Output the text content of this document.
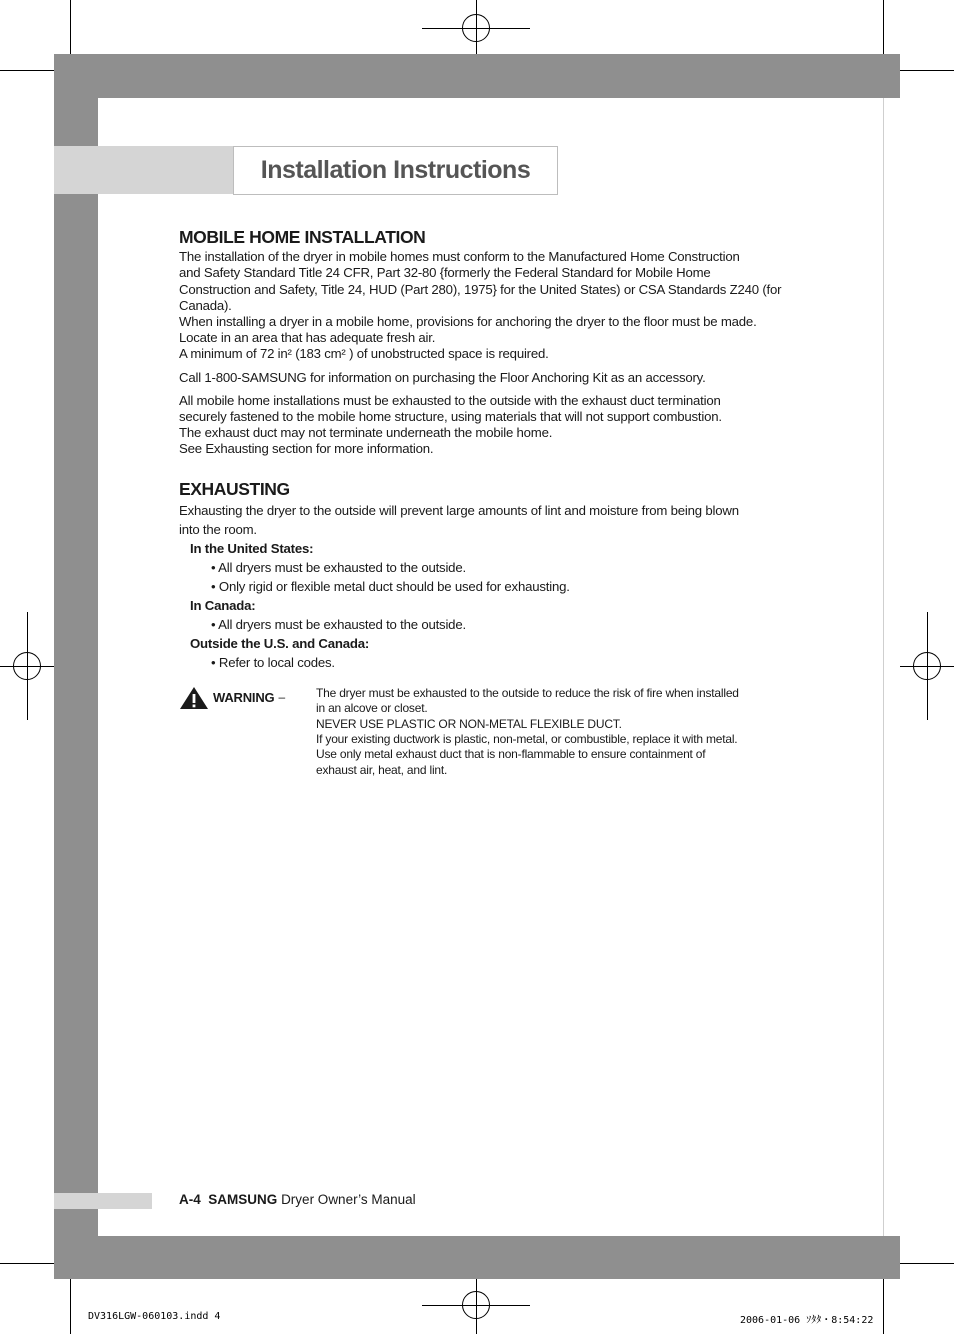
Installation Instructions
MOBILE HOME INSTALLATION

The installation of the dryer in mobile homes must conform to the Manufactured Home Construction
and Safety Standard Title 24 CFR, Part 32-80 {formerly the Federal Standard for Mobile Home
Construction and Safety, Title 24, HUD (Part 280), 1975} for the United States) or CSA Standards Z240 (for
Canada).
When installing a dryer in a mobile home, provisions for anchoring the dryer to the floor must be made.
Locate in an area that has adequate fresh air.
A minimum of 72 in² (183 cm² ) of unobstructed space is required.

Call 1-800-SAMSUNG for information on purchasing the Floor Anchoring Kit as an accessory.

All mobile home installations must be exhausted to the outside with the exhaust duct termination
securely fastened to the mobile home structure, using materials that will not support combustion.
The exhaust duct may not terminate underneath the mobile home.
See Exhausting section for more information.

EXHAUSTING

Exhausting the dryer to the outside will prevent large amounts of lint and moisture from being blown
into the room.

In the United States:
• All dryers must be exhausted to the outside.
• Only rigid or flexible metal duct should be used for exhausting.
In Canada:
• All dryers must be exhausted to the outside.
Outside the U.S. and Canada:
• Refer to local codes.
WARNING –	The dryer must be exhausted to the outside to reduce the risk of fire when installed
in an alcove or closet.
NEVER USE PLASTIC OR NON-METAL FLEXIBLE DUCT.
If your existing ductwork is plastic, non-metal, or combustible, replace it with metal.
Use only metal exhaust duct that is non-flammable to ensure containment of
exhaust air, heat, and lint.
A-4 SAMSUNG Dryer Owner’s Manual
DV316LGW-060103.indd 4	2006-01-06 ｿﾀﾀ・8:54:22
